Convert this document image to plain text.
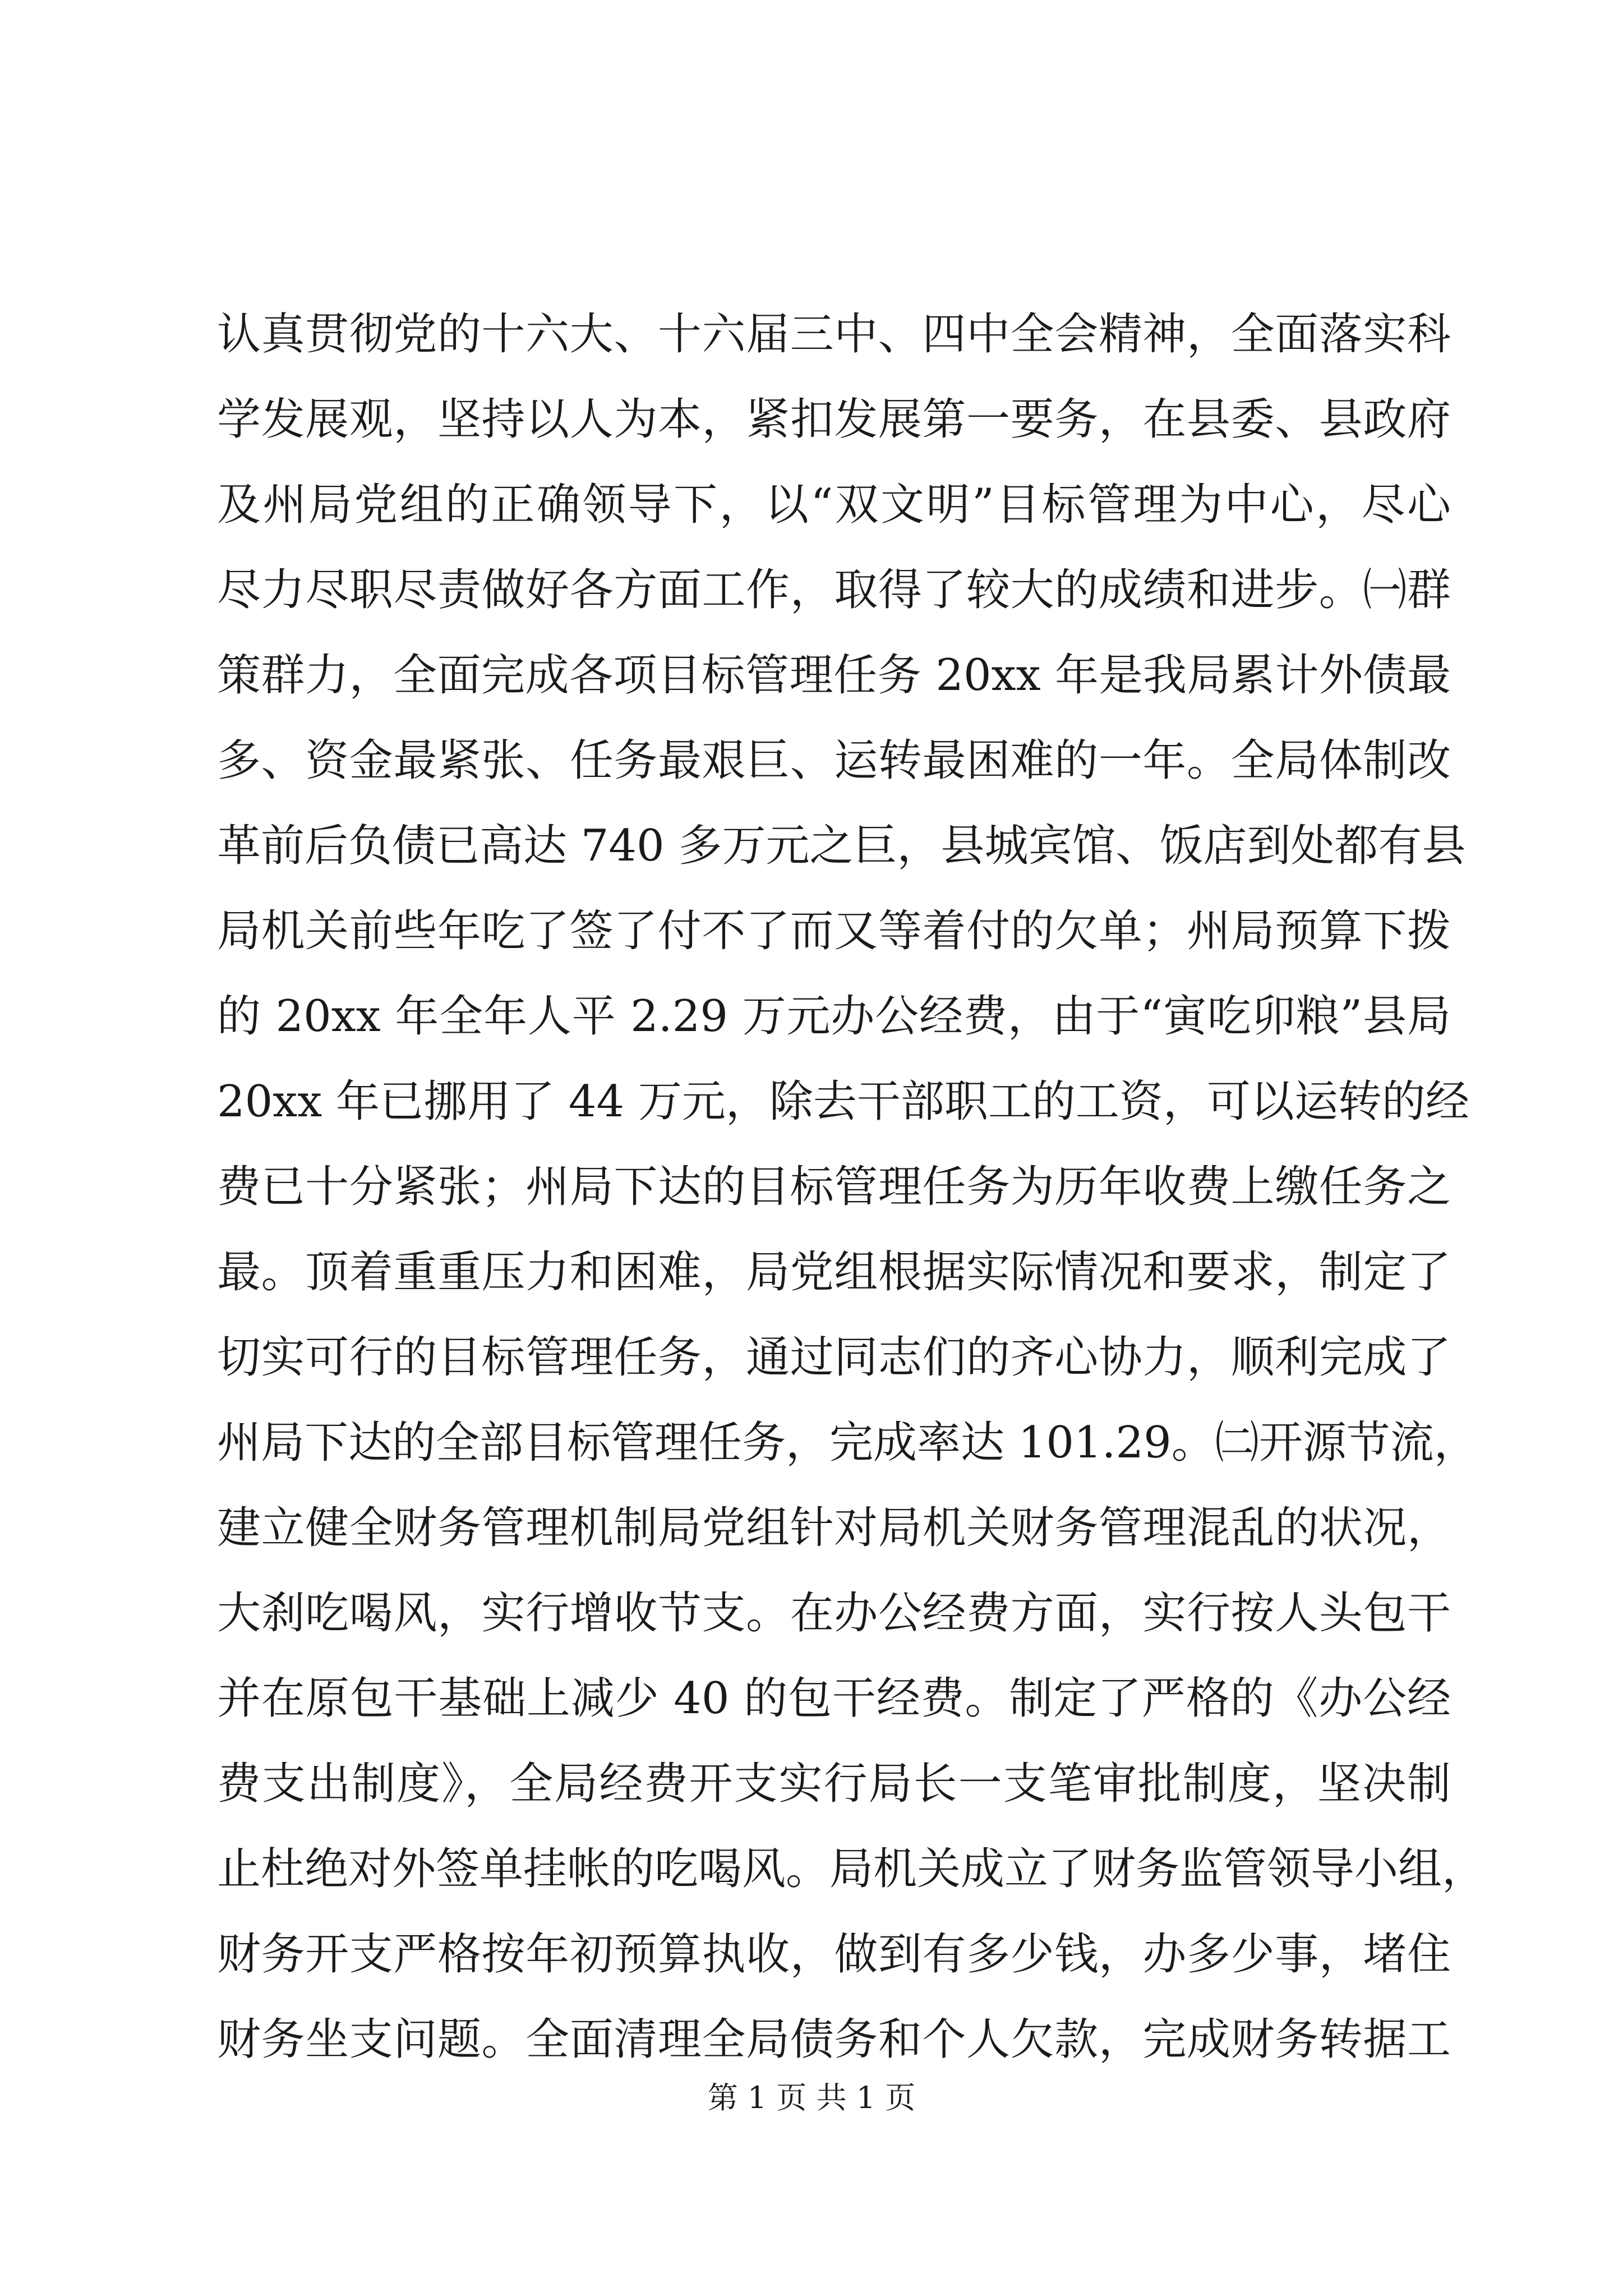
认真贯彻党的十六大、十六届三中、四中全会精神，全面落实科
学发展观，坚持以人为本，紧扣发展第一要务，在县委、县政府
及州局党组的正确领导下，以“双文明”目标管理为中心，尽心
尽力尽职尽责做好各方面工作，取得了较大的成绩和进步。㈠群
策群力，全面完成各项目标管理任务 20xx 年是我局累计外债最
多、资金最紧张、任务最艰巨、运转最困难的一年。全局体制改
革前后负债已高达 740 多万元之巨，县城宾馆、饭店到处都有县
局机关前些年吃了签了付不了而又等着付的欠单；州局预算下拨
的 20xx 年全年人平 2.29 万元办公经费，由于“寅吃卯粮”县局
20xx 年已挪用了 44 万元，除去干部职工的工资，可以运转的经
费已十分紧张；州局下达的目标管理任务为历年收费上缴任务之
最。顶着重重压力和困难，局党组根据实际情况和要求，制定了
切实可行的目标管理任务，通过同志们的齐心协力，顺利完成了
州局下达的全部目标管理任务，完成率达 101.29。㈡开源节流，
建立健全财务管理机制局党组针对局机关财务管理混乱的状况，
大刹吃喝风，实行增收节支。在办公经费方面，实行按人头包干
并在原包干基础上减少 40 的包干经费。制定了严格的《办公经
费支出制度》，全局经费开支实行局长一支笔审批制度，坚决制
止杜绝对外签单挂帐的吃喝风。局机关成立了财务监管领导小组，
财务开支严格按年初预算执收，做到有多少钱，办多少事，堵住
财务坐支问题。全面清理全局债务和个人欠款，完成财务转据工
第 1 页 共 1 页
